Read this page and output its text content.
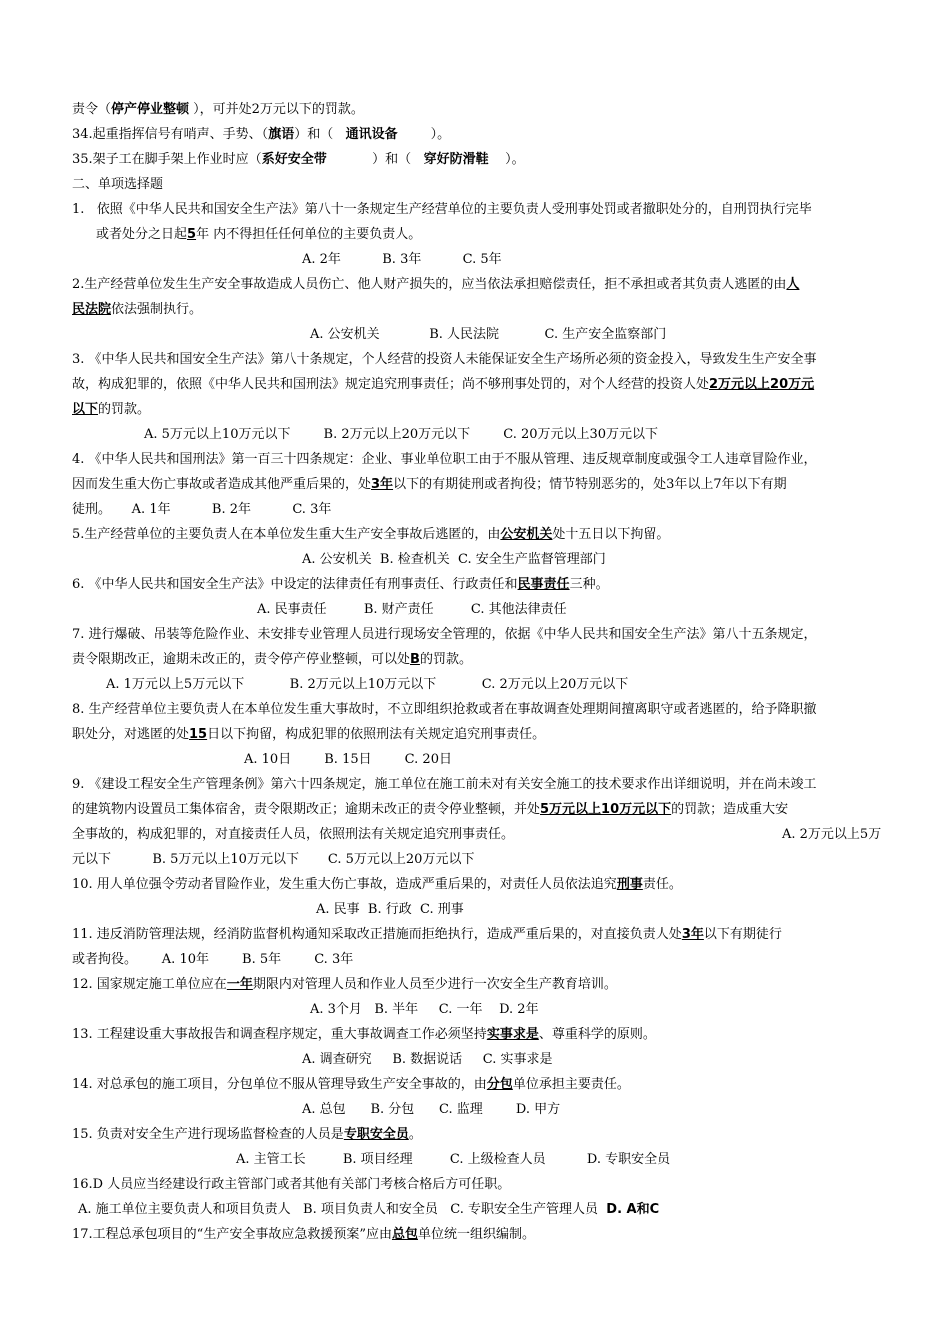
责令（停产停业整顿 ），可并处2万元以下的罚款。
34.起重指挥信号有哨声、手势、（旗语）和（   通讯设备        ）。
35.架子工在脚手架上作业时应（系好安全带           ）和（   穿好防滑鞋    ）。
二、单项选择题
1.   依照《中华人民共和国安全生产法》第八十一条规定生产经营单位的主要负责人受刑事处罚或者撤职处分的，自刑罚执行完毕
或者处分之日起5年 内不得担任任何单位的主要负责人。
A. 2年          B. 3年          C. 5年
2.生产经营单位发生生产安全事故造成人员伤亡、他人财产损失的，应当依法承担赔偿责任，拒不承担或者其负责人逃匿的由人
民法院依法强制执行。
A. 公安机关            B. 人民法院           C. 生产安全监察部门
3. 《中华人民共和国安全生产法》第八十条规定，个人经营的投资人未能保证安全生产场所必须的资金投入，导致发生生产安全事
故，构成犯罪的，依照《中华人民共和国刑法》规定追究刑事责任；尚不够刑事处罚的，对个人经营的投资人处2万元以上20万元
以下的罚款。
A. 5万元以上10万元以下        B. 2万元以上20万元以下        C. 20万元以上30万元以下
4. 《中华人民共和国刑法》第一百三十四条规定：企业、事业单位职工由于不服从管理、违反规章制度或强令工人违章冒险作业，
因而发生重大伤亡事故或者造成其他严重后果的，处3年以下的有期徒刑或者拘役；情节特别恶劣的，处3年以上7年以下有期
徒刑。     A. 1年          B. 2年          C. 3年
5.生产经营单位的主要负责人在本单位发生重大生产安全事故后逃匿的，由公安机关处十五日以下拘留。
A. 公安机关  B. 检查机关  C. 安全生产监督管理部门
6. 《中华人民共和国安全生产法》中设定的法律责任有刑事责任、行政责任和民事责任三种。
A. 民事责任         B. 财产责任         C. 其他法律责任
7. 进行爆破、吊装等危险作业、未安排专业管理人员进行现场安全管理的，依据《中华人民共和国安全生产法》第八十五条规定，
责令限期改正，逾期未改正的，责令停产停业整顿，可以处B的罚款。
A. 1万元以上5万元以下           B. 2万元以上10万元以下           C. 2万元以上20万元以下
8. 生产经营单位主要负责人在本单位发生重大事故时，不立即组织抢救或者在事故调查处理期间擅离职守或者逃匿的，给予降职撤
职处分，对逃匿的处15日以下拘留，构成犯罪的依照刑法有关规定追究刑事责任。
A. 10日        B. 15日        C. 20日
9. 《建设工程安全生产管理条例》第六十四条规定，施工单位在施工前未对有关安全施工的技术要求作出详细说明，并在尚未竣工
的建筑物内设置员工集体宿舍，责令限期改正；逾期未改正的责令停业整顿，并处5万元以上10万元以下的罚款；造成重大安
全事故的，构成犯罪的，对直接责任人员，依照刑法有关规定追究刑事责任。	A. 2万元以上5万
元以下          B. 5万元以上10万元以下       C. 5万元以上20万元以下
10. 用人单位强令劳动者冒险作业，发生重大伤亡事故，造成严重后果的，对责任人员依法追究刑事责任。
A. 民事  B. 行政  C. 刑事
11. 违反消防管理法规，经消防监督机构通知采取改正措施而拒绝执行，造成严重后果的，对直接负责人处3年以下有期徒行
或者拘役。      A. 10年        B. 5年        C. 3年
12. 国家规定施工单位应在一年期限内对管理人员和作业人员至少进行一次安全生产教育培训。
A. 3个月   B. 半年     C. 一年    D. 2年
13. 工程建设重大事故报告和调查程序规定，重大事故调查工作必须坚持实事求是、尊重科学的原则。
A. 调查研究     B. 数据说话     C. 实事求是
14. 对总承包的施工项目，分包单位不服从管理导致生产安全事故的，由分包单位承担主要责任。
A. 总包      B. 分包      C. 监理        D. 甲方
15. 负责对安全生产进行现场监督检查的人员是专职安全员。
A. 主管工长         B. 项目经理         C. 上级检查人员          D. 专职安全员
16.D 人员应当经建设行政主管部门或者其他有关部门考核合格后方可任职。
A. 施工单位主要负责人和项目负责人   B. 项目负责人和安全员   C. 专职安全生产管理人员  D. A和C
17.工程总承包项目的“生产安全事故应急救援预案”应由总包单位统一组织编制。
